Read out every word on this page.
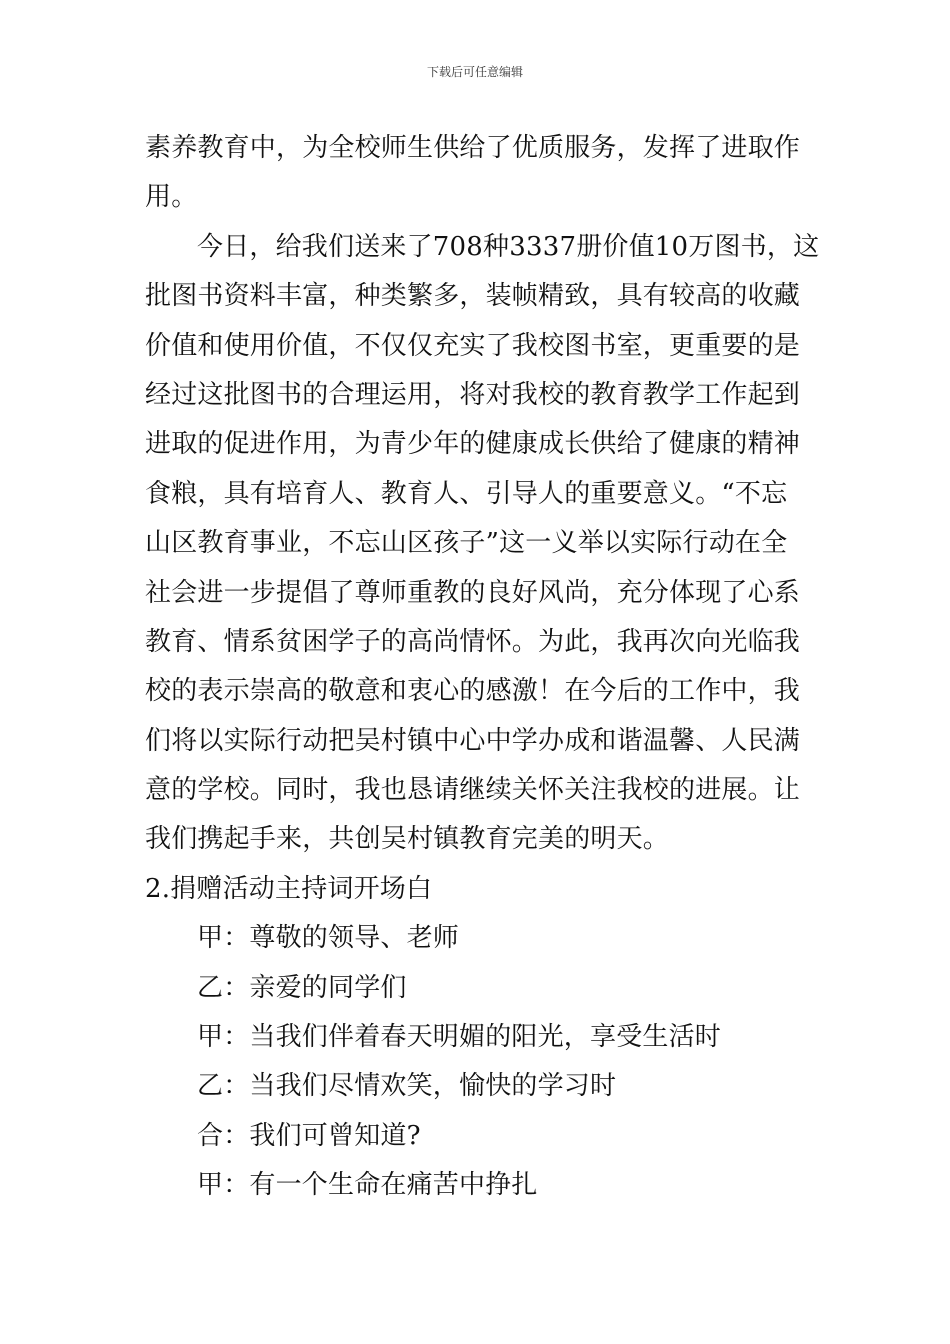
下载后可任意编辑
素养教育中，为全校师生供给了优质服务，发挥了进取作
用。
今日，给我们送来了708种3337册价值10万图书，这
批图书资料丰富，种类繁多，装帧精致，具有较高的收藏
价值和使用价值，不仅仅充实了我校图书室，更重要的是
经过这批图书的合理运用，将对我校的教育教学工作起到
进取的促进作用，为青少年的健康成长供给了健康的精神
食粮，具有培育人、教育人、引导人的重要意义。“不忘
山区教育事业，不忘山区孩子”这一义举以实际行动在全
社会进一步提倡了尊师重教的良好风尚，充分体现了心系
教育、情系贫困学子的高尚情怀。为此，我再次向光临我
校的表示崇高的敬意和衷心的感激！在今后的工作中，我
们将以实际行动把吴村镇中心中学办成和谐温馨、人民满
意的学校。同时，我也恳请继续关怀关注我校的进展。让
我们携起手来，共创吴村镇教育完美的明天。
2.捐赠活动主持词开场白
甲：尊敬的领导、老师
乙：亲爱的同学们
甲：当我们伴着春天明媚的阳光，享受生活时
乙：当我们尽情欢笑，愉快的学习时
合：我们可曾知道?
甲：有一个生命在痛苦中挣扎
